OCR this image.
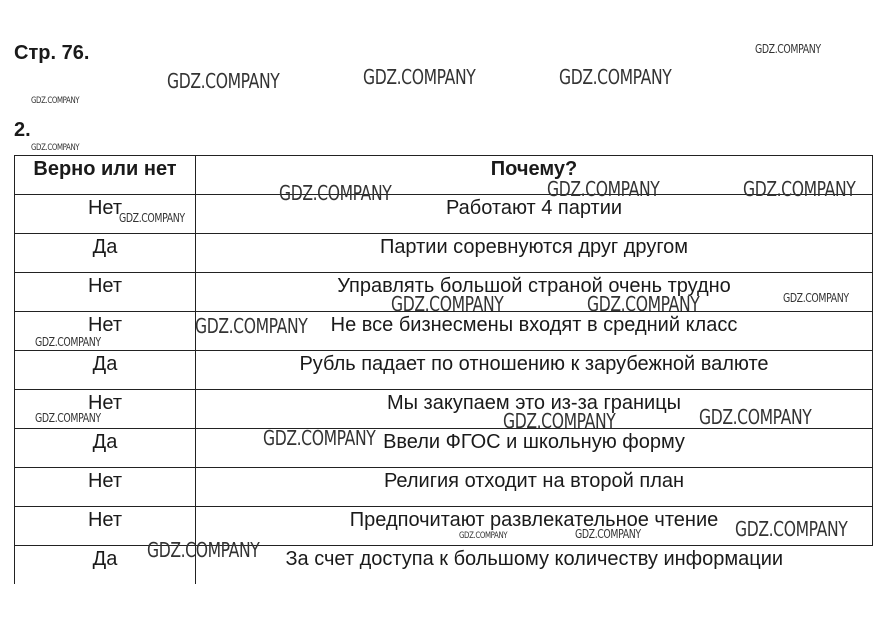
Стр. 76.
2.
Верно или нет	Почему?
Нет	Работают 4 партии
Да	Партии соревнуются друг другом
Нет	Управлять большой страной очень трудно
Нет	Не все бизнесмены входят в средний класс
Да	Рубль падает по отношению к зарубежной валюте
Нет	Мы закупаем это из-за границы
Да	Ввели ФГОС и школьную форму
Нет	Религия отходит на второй план
Нет	Предпочитают развлекательное чтение
Да	За счет доступа к большому количеству информации
GDZ.COMPANY
GDZ.COMPANY	GDZ.COMPANY	GDZ.COMPANY
GDZ.COMPANY
GDZ.COMPANY
GDZ.COMPANY	GDZ.COMPANY	GDZ.COMPANY
GDZ.COMPANY
GDZ.COMPANY	GDZ.COMPANY	GDZ.COMPANY
GDZ.COMPANY
GDZ.COMPANY
GDZ.COMPANY	GDZ.COMPANY
GDZ.COMPANY
GDZ.COMPANY
GDZ.COMPANY
GDZ.COMPANY	GDZ.COMPANY
GDZ.COMPANY
